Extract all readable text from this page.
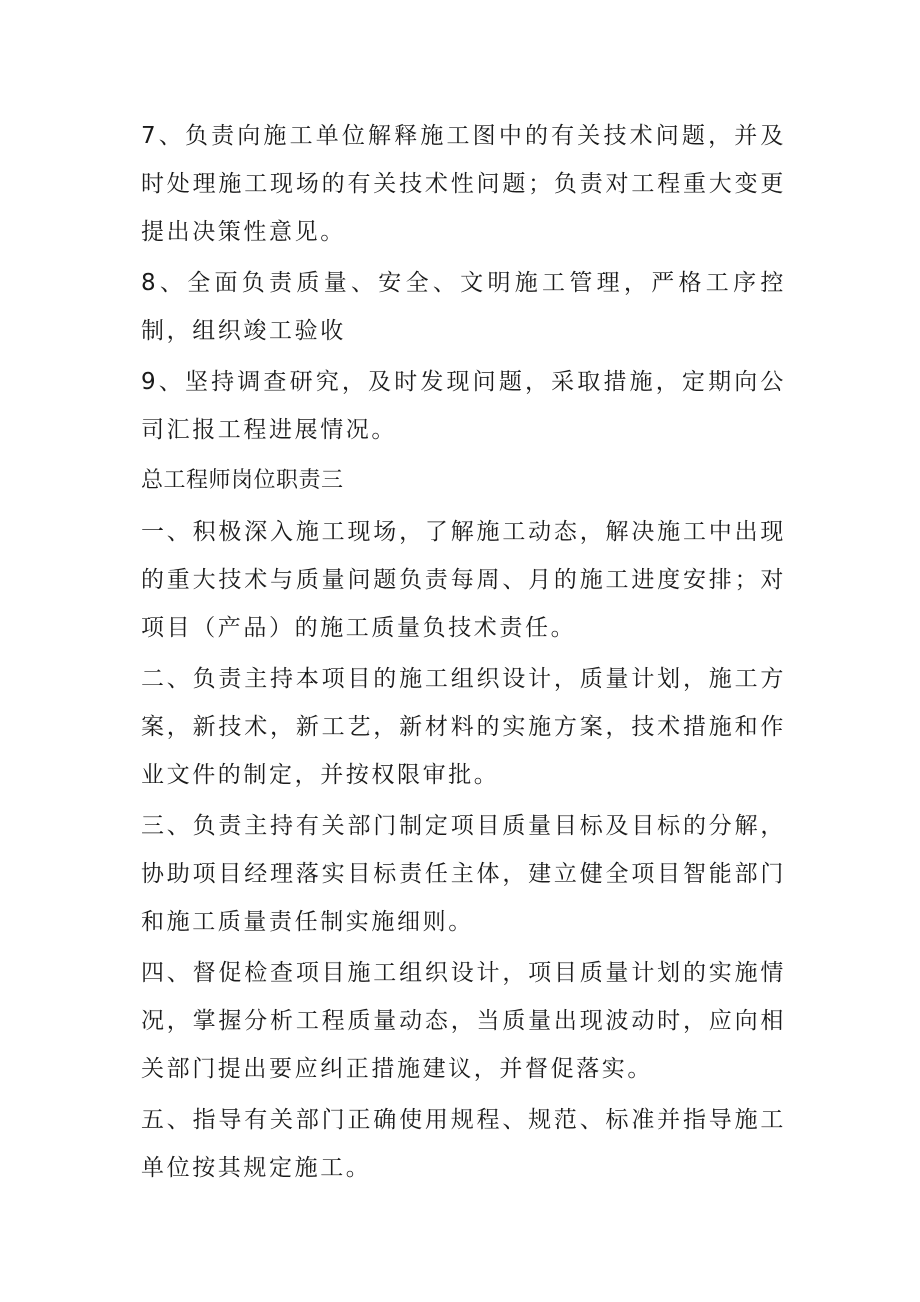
7、负责向施工单位解释施工图中的有关技术问题，并及时处理施工现场的有关技术性问题；负责对工程重大变更提出决策性意见。

8、全面负责质量、安全、文明施工管理，严格工序控制，组织竣工验收

9、坚持调查研究，及时发现问题，采取措施，定期向公司汇报工程进展情况。

总工程师岗位职责三

一、积极深入施工现场，了解施工动态，解决施工中出现的重大技术与质量问题负责每周、月的施工进度安排；对项目（产品）的施工质量负技术责任。

二、负责主持本项目的施工组织设计，质量计划，施工方案，新技术，新工艺，新材料的实施方案，技术措施和作业文件的制定，并按权限审批。

三、负责主持有关部门制定项目质量目标及目标的分解，协助项目经理落实目标责任主体，建立健全项目智能部门和施工质量责任制实施细则。

四、督促检查项目施工组织设计，项目质量计划的实施情况，掌握分析工程质量动态，当质量出现波动时，应向相关部门提出要应纠正措施建议，并督促落实。

五、指导有关部门正确使用规程、规范、标准并指导施工单位按其规定施工。
